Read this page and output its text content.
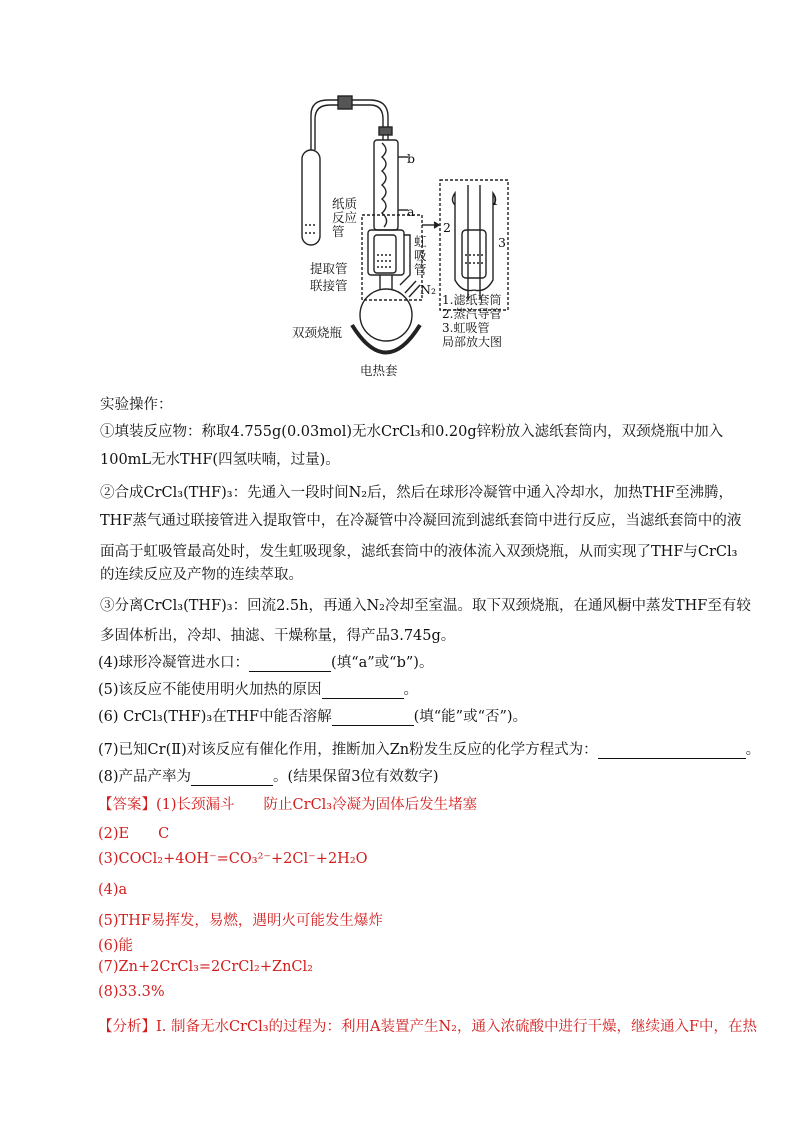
b
a
纸质反应管
虹吸管
提取管
联接管	N₂
双颈烧瓶
电热套
1
2
3
1.滤纸套筒
2.蒸汽导管
3.虹吸管
局部放大图
实验操作：
①填装反应物：称取4.755g(0.03mol)无水CrCl₃和0.20g锌粉放入滤纸套筒内，双颈烧瓶中加入
100mL无水THF(四氢呋喃，过量)。
②合成CrCl₃(THF)₃：先通入一段时间N₂后，然后在球形冷凝管中通入冷却水，加热THF至沸腾，
THF蒸气通过联接管进入提取管中，在冷凝管中冷凝回流到滤纸套筒中进行反应，当滤纸套筒中的液
面高于虹吸管最高处时，发生虹吸现象，滤纸套筒中的液体流入双颈烧瓶，从而实现了THF与CrCl₃
的连续反应及产物的连续萃取。
③分离CrCl₃(THF)₃：回流2.5h，再通入N₂冷却至室温。取下双颈烧瓶，在通风橱中蒸发THF至有较
多固体析出，冷却、抽滤、干燥称量，得产品3.745g。
(4)球形冷凝管进水口：	(填“a”或“b”)。
(5)该反应不能使用明火加热的原因	。
(6) CrCl₃(THF)₃在THF中能否溶解	(填“能”或“否”)。
(7)已知Cr(Ⅱ)对该反应有催化作用，推断加入Zn粉发生反应的化学方程式为：	。
(8)产品产率为	。(结果保留3位有效数字)
【答案】(1)长颈漏斗　　防止CrCl₃冷凝为固体后发生堵塞
(2)E　　C
(3)COCl₂+4OH⁻=CO₃²⁻+2Cl⁻+2H₂O
(4)a
(5)THF易挥发，易燃，遇明火可能发生爆炸
(6)能
(7)Zn+2CrCl₃=2CrCl₂+ZnCl₂
(8)33.3%
【分析】I. 制备无水CrCl₃的过程为：利用A装置产生N₂，通入浓硫酸中进行干燥，继续通入F中，在热
